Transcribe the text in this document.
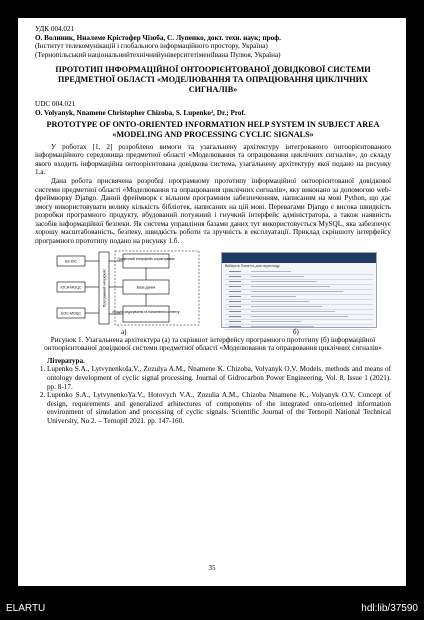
УДК 004.021

О. Волиник, Нналеме Крістофер Чізоба, С. Лупенко, докт. техн. наук; проф.

(Інститут телекомунікацій і глобального інформаційного простору, Україна)

(Тернопільський національнийтехнічнийуніверситетіменіІвана Пулюя, Україна)

ПРОТОТИП ІНФОРМАЦІЙНОЇ ОНТООРІЄНТОВАНОЇ ДОВІДКОВОЇ СИСТЕМИ ПРЕДМЕТНОЇ ОБЛАСТІ «МОДЕЛЮВАННЯ ТА ОПРАЦЮВАННЯ ЦИКЛІЧНИХ СИГНАЛІВ»

UDC 004.021

O. Volyanyk, Nnamene Christopher Chizoba, S. Lupenko², Dr.; Prof.

PROTOTYPE OF ONTO-ORIENTED INFORMATION HELP SYSTEM IN SUBJECT AREA «MODELING AND PROCESSING CYCLIC SIGNALS»

У роботах [1, 2] розроблено вимоги та узагальнену архітектуру інтегрованого онтоорієнтованого інформаційного середовища предметної області «Моделювання та опрацювання циклічних сигналів», до складу якого входить інформаційна онтоорієнтована довідкова система, узагальнену архітектуру якої подано на рисунку 1.а.

Дана робота присвячена розробці програмному прототипу інформаційної онтоорієнтованої довідкової системи предметної області «Моделювання та опрацювання циклічних сигналів», яку виконано за допомогою web-фреймворку Django. Даний фреймворк є вільним програмним забезпеченням, написаним на мові Python, що дає змогу використовувати велику кількість бібліотек, написаних на цій мові. Перевагами Django є висока швидкість розробки програмного продукту, вбудований потужний і гнучкий інтерфейс адміністратора, а також наявність засобів інформаційної безпеки. Як система управління базами даних тут використовується MySQL, яка забезпечує хорошу масштабованість, безпеку, швидкість роботи та зручність в експлуатації. Приклад скріншоту інтерфейсу програмного прототипу подано на рисунку 1.б.

БЗ-ІОС
ІОСА-МОЦС
ЕОС-МОЦС
Програмний інтерфейс
Графічний інтерфейс користувача
База даних
Модуль редагування та поповнення контенту
Виберіть Поняття для перегляду
а)	б)

Рисунок 1. Узагальнена архітектура (а) та скріншот інтерфейсу програмного прототипу (б) інформаційної онтоорієнтованої довідкової системи предметної області «Моделювання та опрацювання циклічних сигналів»

Література.

1. Lupenko S.A., LytvynenkoIa.V., Zozulya A.M., Nnamene K. Chizoba, Volyanyk O.V. Models, methods and means of ontology development of cyclic signal processing. Journal of Gidrocarbon Power Engineering, Vol. 8, Issue 1 (2021). pp. 8-17.
2. Lupenko S.A., LytvynenkoYa.V., Hotovych V.A., Zozulia A.M., Chizoba Nnamene K., Volyanyk O.V. Concept of design, requirements and generalized arhitectures of components of the integrated onto-oriented information environment of simulation and processing of cyclic signals. Scientific Journal of the Ternopil National Technical University, No 2. – Ternopil 2021. pp. 147-160.
35
ELARTU	hdl:lib/37590
